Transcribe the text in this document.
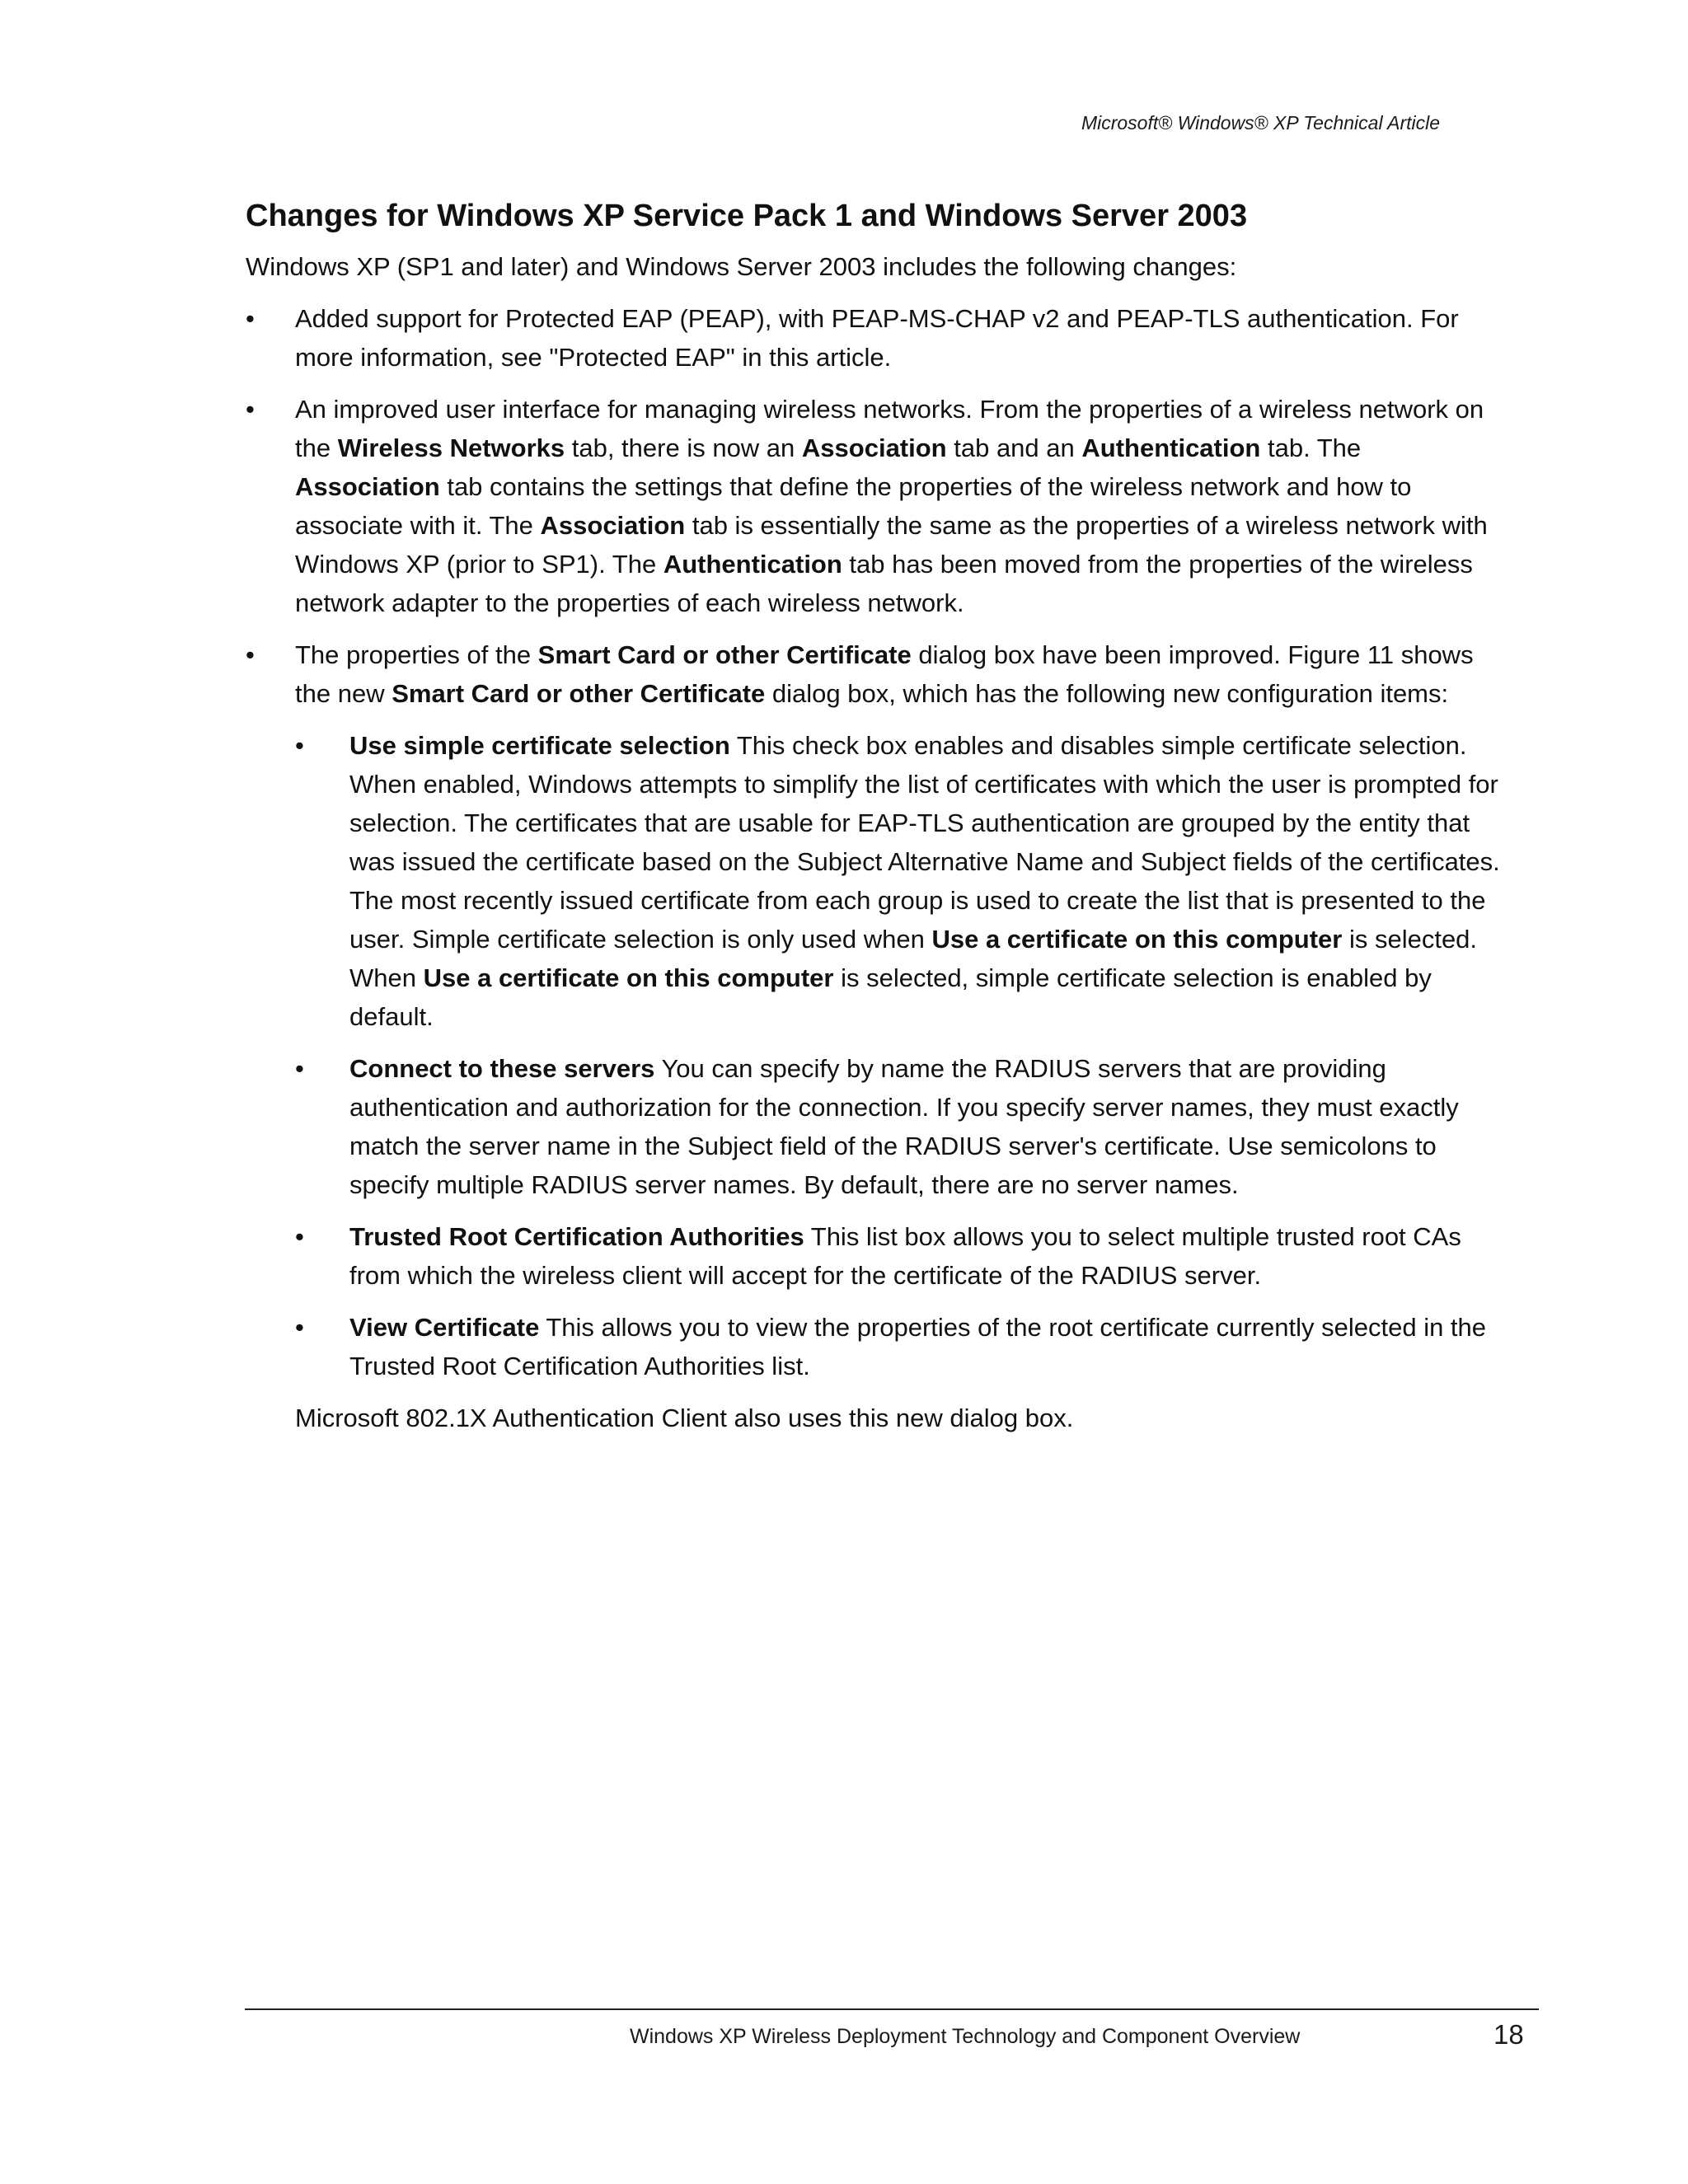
Microsoft® Windows® XP Technical Article
Changes for Windows XP Service Pack 1 and Windows Server 2003

Windows XP (SP1 and later) and Windows Server 2003 includes the following changes:

• Added support for Protected EAP (PEAP), with PEAP-MS-CHAP v2 and PEAP-TLS authentication. For more information, see "Protected EAP" in this article.
• An improved user interface for managing wireless networks. From the properties of a wireless network on the Wireless Networks tab, there is now an Association tab and an Authentication tab. The Association tab contains the settings that define the properties of the wireless network and how to associate with it. The Association tab is essentially the same as the properties of a wireless network with Windows XP (prior to SP1). The Authentication tab has been moved from the properties of the wireless network adapter to the properties of each wireless network.
• The properties of the Smart Card or other Certificate dialog box have been improved. Figure 11 shows the new Smart Card or other Certificate dialog box, which has the following new configuration items:
• Use simple certificate selection This check box enables and disables simple certificate selection. When enabled, Windows attempts to simplify the list of certificates with which the user is prompted for selection. The certificates that are usable for EAP-TLS authentication are grouped by the entity that was issued the certificate based on the Subject Alternative Name and Subject fields of the certificates. The most recently issued certificate from each group is used to create the list that is presented to the user. Simple certificate selection is only used when Use a certificate on this computer is selected. When Use a certificate on this computer is selected, simple certificate selection is enabled by default.
• Connect to these servers You can specify by name the RADIUS servers that are providing authentication and authorization for the connection. If you specify server names, they must exactly match the server name in the Subject field of the RADIUS server's certificate. Use semicolons to specify multiple RADIUS server names. By default, there are no server names.
• Trusted Root Certification Authorities This list box allows you to select multiple trusted root CAs from which the wireless client will accept for the certificate of the RADIUS server.
• View Certificate This allows you to view the properties of the root certificate currently selected in the Trusted Root Certification Authorities list.

Microsoft 802.1X Authentication Client also uses this new dialog box.

Windows XP Wireless Deployment Technology and Component Overview	18
